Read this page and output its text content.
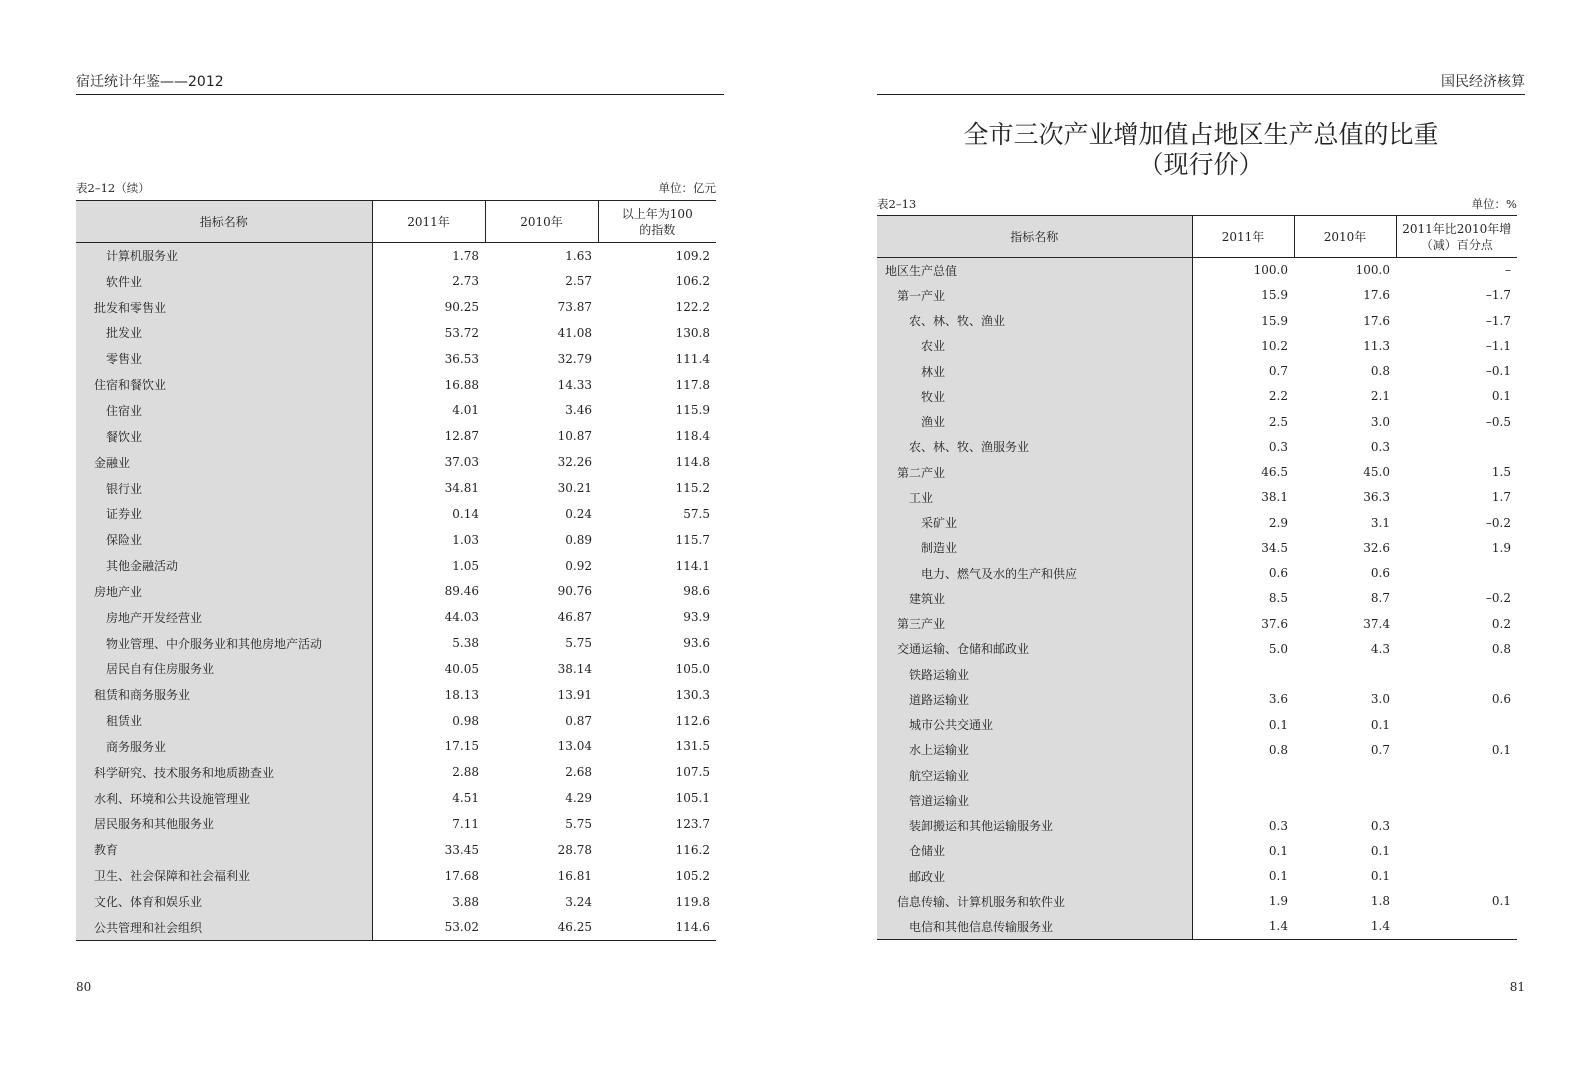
宿迁统计年鉴——2012
表2–12（续）	单位：亿元
指标名称	2011年	2010年	以上年为100
的指数
计算机服务业	1.78	1.63	109.2
软件业	2.73	2.57	106.2
批发和零售业	90.25	73.87	122.2
批发业	53.72	41.08	130.8
零售业	36.53	32.79	111.4
住宿和餐饮业	16.88	14.33	117.8
住宿业	4.01	3.46	115.9
餐饮业	12.87	10.87	118.4
金融业	37.03	32.26	114.8
银行业	34.81	30.21	115.2
证券业	0.14	0.24	57.5
保险业	1.03	0.89	115.7
其他金融活动	1.05	0.92	114.1
房地产业	89.46	90.76	98.6
房地产开发经营业	44.03	46.87	93.9
物业管理、中介服务业和其他房地产活动	5.38	5.75	93.6
居民自有住房服务业	40.05	38.14	105.0
租赁和商务服务业	18.13	13.91	130.3
租赁业	0.98	0.87	112.6
商务服务业	17.15	13.04	131.5
科学研究、技术服务和地质勘查业	2.88	2.68	107.5
水利、环境和公共设施管理业	4.51	4.29	105.1
居民服务和其他服务业	7.11	5.75	123.7
教育	33.45	28.78	116.2
卫生、社会保障和社会福利业	17.68	16.81	105.2
文化、体育和娱乐业	3.88	3.24	119.8
公共管理和社会组织	53.02	46.25	114.6
80
国民经济核算
全市三次产业增加值占地区生产总值的比重
（现行价）
表2–13	单位：%
指标名称	2011年	2010年	2011年比2010年增
（减）百分点
地区生产总值	100.0	100.0	–
第一产业	15.9	17.6	–1.7
农、林、牧、渔业	15.9	17.6	–1.7
农业	10.2	11.3	–1.1
林业	0.7	0.8	–0.1
牧业	2.2	2.1	0.1
渔业	2.5	3.0	–0.5
农、林、牧、渔服务业	0.3	0.3	
第二产业	46.5	45.0	1.5
工业	38.1	36.3	1.7
采矿业	2.9	3.1	–0.2
制造业	34.5	32.6	1.9
电力、燃气及水的生产和供应	0.6	0.6	
建筑业	8.5	8.7	–0.2
第三产业	37.6	37.4	0.2
交通运输、仓储和邮政业	5.0	4.3	0.8
铁路运输业			
道路运输业	3.6	3.0	0.6
城市公共交通业	0.1	0.1	
水上运输业	0.8	0.7	0.1
航空运输业			
管道运输业			
装卸搬运和其他运输服务业	0.3	0.3	
仓储业	0.1	0.1	
邮政业	0.1	0.1	
信息传输、计算机服务和软件业	1.9	1.8	0.1
电信和其他信息传输服务业	1.4	1.4	
81
